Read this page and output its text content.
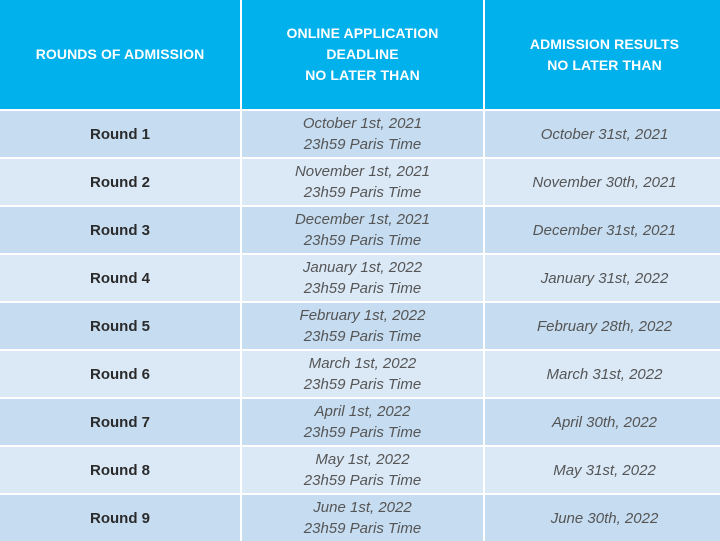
ROUNDS OF ADMISSION
ONLINE APPLICATION
DEADLINE
NO LATER THAN
ADMISSION RESULTS
NO LATER THAN
Round 1
October 1st, 2021
23h59 Paris Time
October 31st, 2021
Round 2
November 1st, 2021
23h59 Paris Time
November 30th, 2021
Round 3
December 1st, 2021
23h59 Paris Time
December 31st, 2021
Round 4
January 1st, 2022
23h59 Paris Time
January 31st, 2022
Round 5
February 1st, 2022
23h59 Paris Time
February 28th, 2022
Round 6
March 1st, 2022
23h59 Paris Time
March 31st, 2022
Round 7
April 1st, 2022
23h59 Paris Time
April 30th, 2022
Round 8
May 1st, 2022
23h59 Paris Time
May 31st, 2022
Round 9
June 1st, 2022
23h59 Paris Time
June 30th, 2022
